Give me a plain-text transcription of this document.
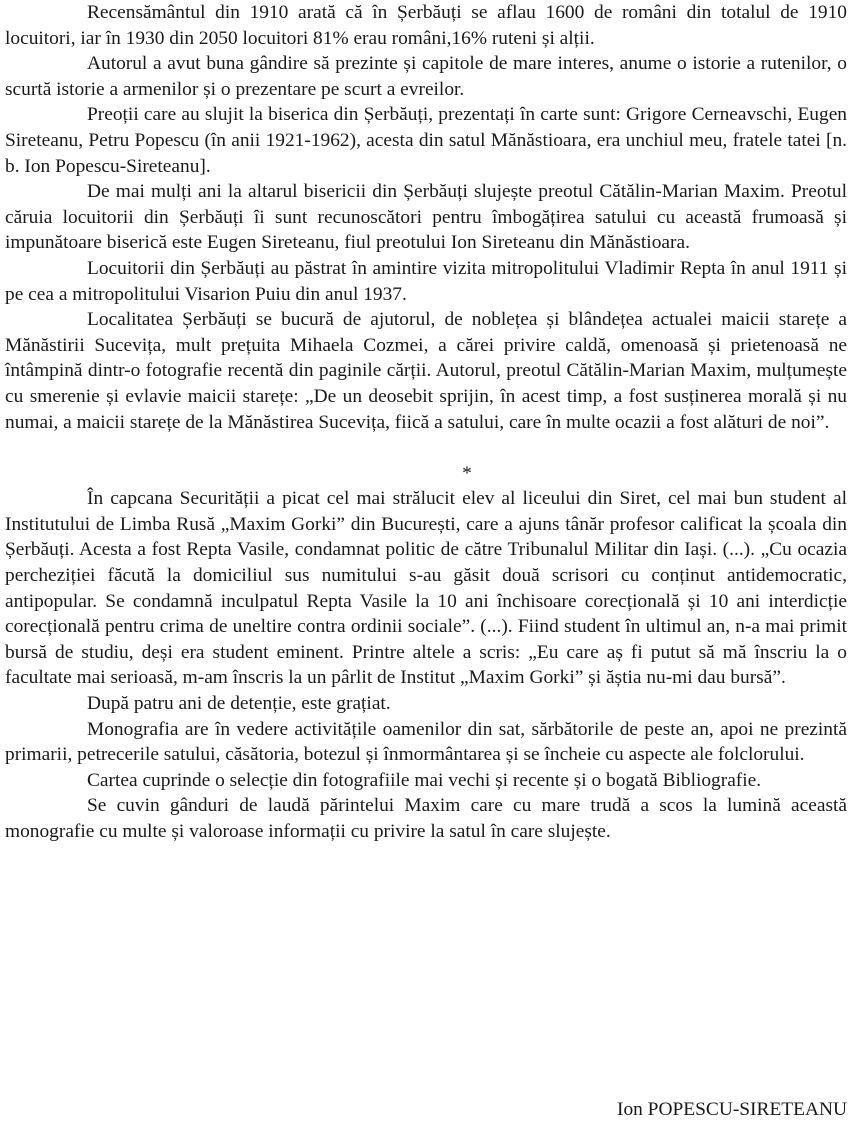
Recensământul din 1910 arată că în Șerbăuți se aflau 1600 de români din totalul de 1910 locuitori, iar în 1930 din 2050 locuitori 81% erau români,16% ruteni și alții.

Autorul a avut buna gândire să prezinte și capitole de mare interes, anume o istorie a rutenilor, o scurtă istorie a armenilor și o prezentare pe scurt a evreilor.

Preoții care au slujit la biserica din Șerbăuți, prezentați în carte sunt: Grigore Cerneavschi, Eugen Sireteanu, Petru Popescu (în anii 1921-1962), acesta din satul Mănăstioara, era unchiul meu, fratele tatei [n. b. Ion Popescu-Sireteanu].

De mai mulți ani la altarul bisericii din Șerbăuți slujește preotul Cătălin-Marian Maxim. Preotul căruia locuitorii din Șerbăuți îi sunt recunoscători pentru îmbogățirea satului cu această frumoasă și impunătoare biserică este Eugen Sireteanu, fiul preotului Ion Sireteanu din Mănăstioara.

Locuitorii din Șerbăuți au păstrat în amintire vizita mitropolitului Vladimir Repta în anul 1911 și pe cea a mitropolitului Visarion Puiu din anul 1937.

Localitatea Șerbăuți se bucură de ajutorul, de noblețea și blândețea actualei maicii starețe a Mănăstirii Sucevița, mult prețuita Mihaela Cozmei, a cărei privire caldă, omenoasă și prietenoasă ne întâmpină dintr-o fotografie recentă din paginile cărții. Autorul, preotul Cătălin-Marian Maxim, mulțumește cu smerenie și evlavie maicii starețe: „De un deosebit sprijin, în acest timp, a fost susținerea morală și nu numai, a maicii starețe de la Mănăstirea Sucevița, fiică a satului, care în multe ocazii a fost alături de noi”.

*

În capcana Securității a picat cel mai strălucit elev al liceului din Siret, cel mai bun student al Institutului de Limba Rusă „Maxim Gorki” din București, care a ajuns tânăr profesor calificat la școala din Șerbăuți. Acesta a fost Repta Vasile, condamnat politic de către Tribunalul Militar din Iași. (...). „Cu ocazia percheziției făcută la domiciliul sus numitului s-au găsit două scrisori cu conținut antidemocratic, antipopular. Se condamnă inculpatul Repta Vasile la 10 ani închisoare corecțională și 10 ani interdicție corecțională pentru crima de uneltire contra ordinii sociale”. (...). Fiind student în ultimul an, n-a mai primit bursă de studiu, deși era student eminent. Printre altele a scris: „Eu care aș fi putut să mă înscriu la o facultate mai serioasă, m-am înscris la un pârlit de Institut „Maxim Gorki” și ăștia nu-mi dau bursă”.

După patru ani de detenție, este grațiat.

Monografia are în vedere activitățile oamenilor din sat, sărbătorile de peste an, apoi ne prezintă primarii, petrecerile satului, căsătoria, botezul și înmormântarea și se încheie cu aspecte ale folclorului.

Cartea cuprinde o selecție din fotografiile mai vechi și recente și o bogată Bibliografie.

Se cuvin gânduri de laudă părintelui Maxim care cu mare trudă a scos la lumină această monografie cu multe și valoroase informații cu privire la satul în care slujește.

Ion POPESCU-SIRETEANU
